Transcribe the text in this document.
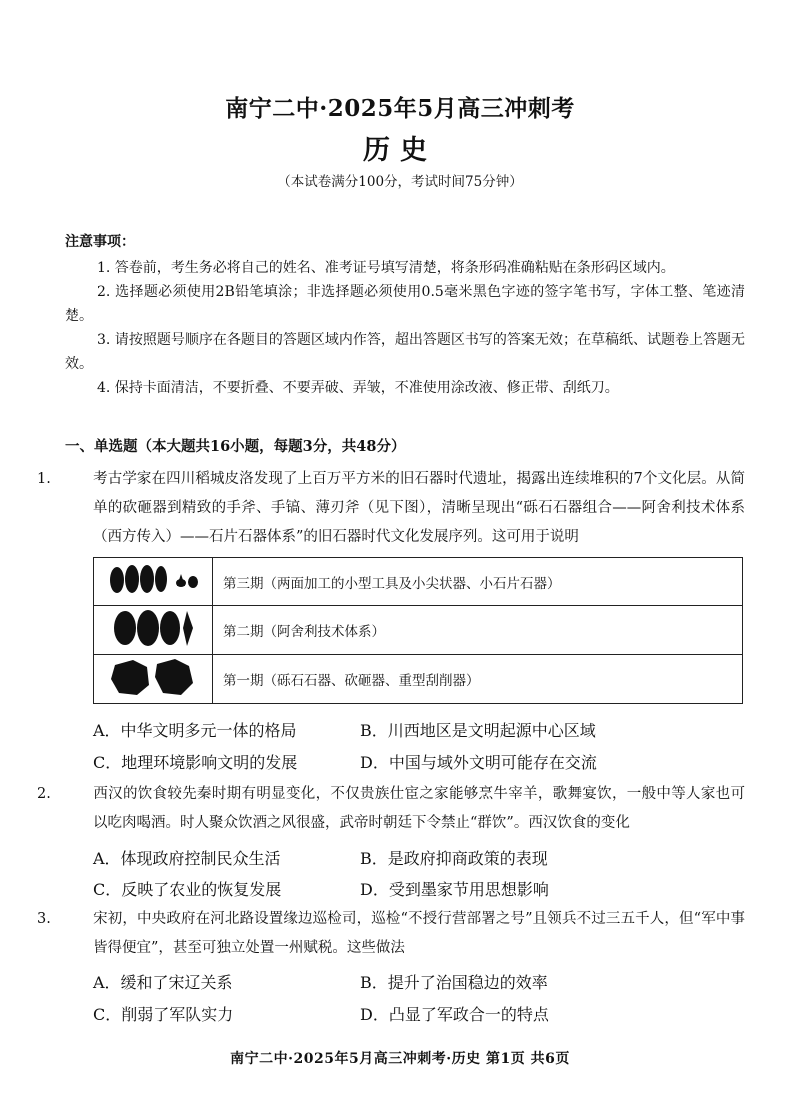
南宁二中·2025年5月高三冲刺考
历史
（本试卷满分100分，考试时间75分钟）
注意事项：

1. 答卷前，考生务必将自己的姓名、准考证号填写清楚，将条形码准确粘贴在条形码区域内。

2. 选择题必须使用2B铅笔填涂；非选择题必须使用0.5毫米黑色字迹的签字笔书写，字体工整、笔迹清楚。

3. 请按照题号顺序在各题目的答题区域内作答，超出答题区书写的答案无效；在草稿纸、试题卷上答题无效。

4. 保持卡面清洁，不要折叠、不要弄破、弄皱，不准使用涂改液、修正带、刮纸刀。

一、单选题（本大题共16小题，每题3分，共48分）
1.	考古学家在四川稻城皮洛发现了上百万平方米的旧石器时代遗址，揭露出连续堆积的7个文化层。从简单的砍砸器到精致的手斧、手镐、薄刃斧（见下图），清晰呈现出“砾石石器组合——阿舍利技术体系（西方传入）——石片石器体系”的旧石器时代文化发展序列。这可用于说明
	第三期（两面加工的小型工具及小尖状器、小石片石器）
	第二期（阿舍利技术体系）
	第一期（砾石石器、砍砸器、重型刮削器）
A．中华文明多元一体的格局	B．川西地区是文明起源中心区域
C．地理环境影响文明的发展	D．中国与域外文明可能存在交流
2.	西汉的饮食较先秦时期有明显变化，不仅贵族仕宦之家能够烹牛宰羊，歌舞宴饮，一般中等人家也可以吃肉喝酒。时人聚众饮酒之风很盛，武帝时朝廷下令禁止“群饮”。西汉饮食的变化
A．体现政府控制民众生活	B．是政府抑商政策的表现
C．反映了农业的恢复发展	D．受到墨家节用思想影响
3.	宋初，中央政府在河北路设置缘边巡检司，巡检“不授行营部署之号”且领兵不过三五千人，但“军中事皆得便宜”，甚至可独立处置一州赋税。这些做法
A．缓和了宋辽关系	B．提升了治国稳边的效率
C．削弱了军队实力	D．凸显了军政合一的特点
南宁二中·2025年5月高三冲刺考·历史 第1页 共6页
